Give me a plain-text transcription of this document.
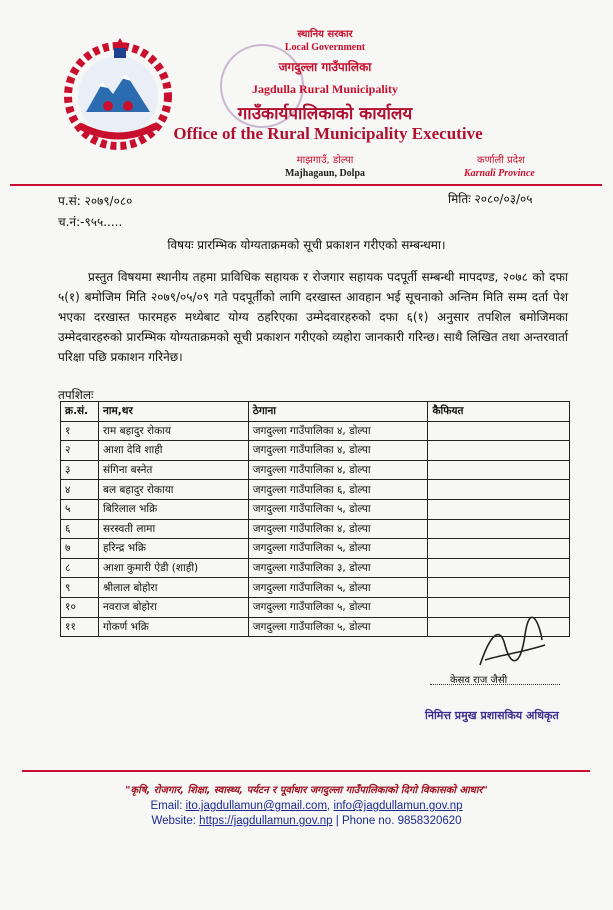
स्थानिय सरकार
Local Government
जगदुल्ला गाउँपालिका
Jagdulla Rural Municipality
गाउँकार्यपालिकाको कार्यालय
Office of the Rural Municipality Executive
माझगाउँ, डोल्पा
Majhagaun, Dolpa
कर्णाली प्रदेश
Karnali Province
प.सं: २०७९/०८०
च.नं:-९५५.....
मितिः २०८०/०३/०५
विषयः प्रारम्भिक योग्यताक्रमको सूची प्रकाशन गरीएको सम्बन्धमा।
प्रस्तुत विषयमा स्थानीय तहमा प्राविधिक सहायक र रोजगार सहायक पदपूर्ती सम्बन्धी मापदण्ड, २०७८ को दफा ५(१) बमोजिम मिति २०७९/०५/०९ गते पदपूर्तीको लागि दरखास्त आवहान भई सूचनाको अन्तिम मिति सम्म दर्ता पेश भएका दरखास्त फारमहरु मध्येबाट योग्य ठहरिएका उम्मेदवारहरुको दफा ६(१) अनुसार तपशिल बमोजिमका उम्मेदवारहरुको प्रारम्भिक योग्यताक्रमको सूची प्रकाशन गरीएको व्यहोरा जानकारी गरिन्छ। साथै लिखित तथा अन्तरवार्ता परिक्षा पछि प्रकाशन गरिनेछ।
तपशिलः
क्र.सं.	नाम,थर	ठेगाना	कैफियत
१	राम बहादुर रोकाय	जगदुल्ला गाउँपालिका ४, डोल्पा	
२	आशा देवि शाही	जगदुल्ला गाउँपालिका ४, डोल्पा	
३	संगिना बस्नेत	जगदुल्ला गाउँपालिका ४, डोल्पा	
४	बल बहादुर रोकाया	जगदुल्ला गाउँपालिका ६, डोल्पा	
५	बिरिलाल भक्रि	जगदुल्ला गाउँपालिका ५, डोल्पा	
६	सरस्वती लामा	जगदुल्ला गाउँपालिका ४, डोल्पा	
७	हरिन्द्र भक्रि	जगदुल्ला गाउँपालिका ५, डोल्पा	
८	आशा कुमारी ऐडी (शाही)	जगदुल्ला गाउँपालिका ३, डोल्पा	
९	श्रीलाल बोहोरा	जगदुल्ला गाउँपालिका ५, डोल्पा	
१०	नवराज बोहोरा	जगदुल्ला गाउँपालिका ५, डोल्पा	
११	गोकर्ण भक्रि	जगदुल्ला गाउँपालिका ५, डोल्पा	
केसव राज जैसी
निमित्त प्रमुख प्रशासकिय अधिकृत
"कृषि, रोजगार, शिक्षा, स्वास्थ्य, पर्यटन र पूर्वाधार जगदुल्ला गाउँपालिकाको दिगो विकासको आधार"
Email: ito.jagdullamun@gmail.com, info@jagdullamun.gov.np
Website: https://jagdullamun.gov.np | Phone no. 9858320620
